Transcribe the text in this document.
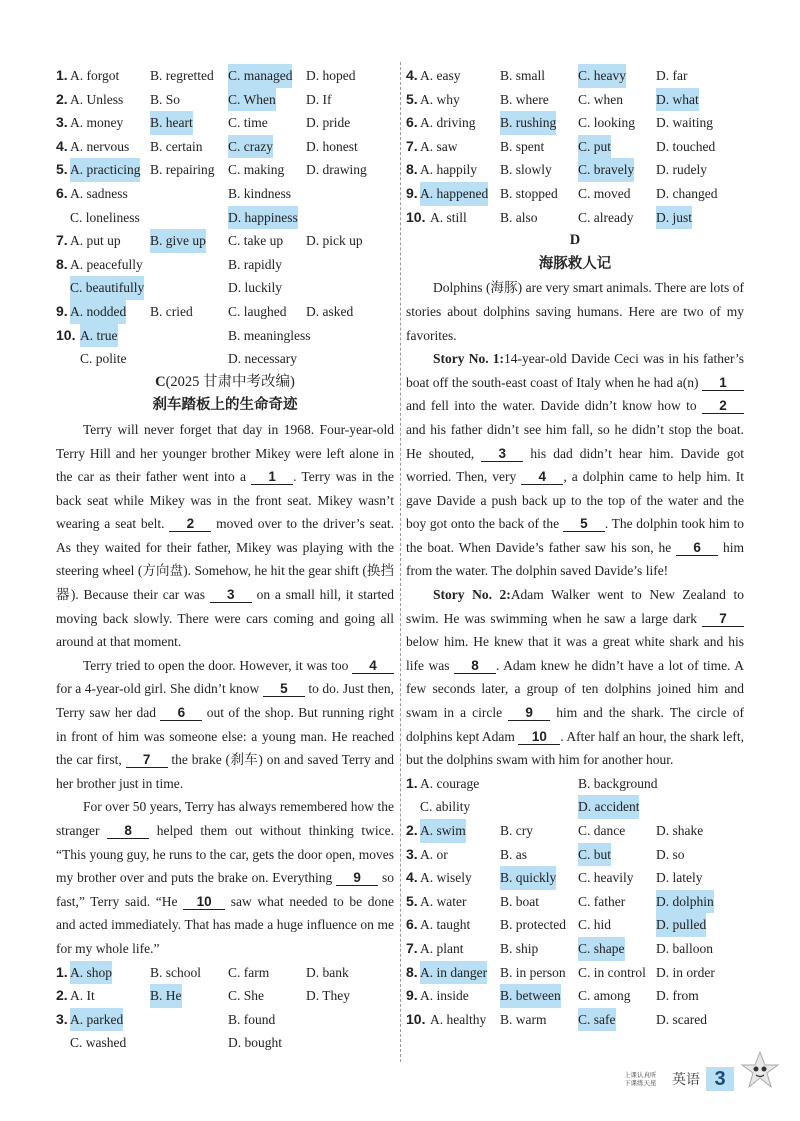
1. A. forgot B. regretted C. managed D. hoped
2. A. Unless B. So	C. When D. If
3. A. money B. heart	C. time	D. pride
4. A. nervous B. certain C. crazy D. honest
5. A. practicing B. repairing C. making D. drawing
6. A. sadness	B. kindness
C. loneliness	D. happiness
7. A. put up B. give up C. take up D. pick up
8. A. peacefully	B. rapidly
C. beautifully	D. luckily
9. A. nodded B. cried	C. laughed D. asked
10. A. true	B. meaningless
C. polite	D. necessary
C(2025 甘肃中考改编)
刹车踏板上的生命奇迹

Terry will never forget that day in 1968. Four-year-old Terry Hill and her younger brother Mikey were left alone in the car as their father went into a 1 . Terry was in the back seat while Mikey was in the front seat. Mikey wasn’t wearing a seat belt. 2 moved over to the driver’s seat. As they waited for their father, Mikey was playing with the steering wheel (方向盘). Somehow, he hit the gear shift (换挡器). Because their car was 3 on a small hill, it started moving back slowly. There were cars coming and going all around at that moment.

Terry tried to open the door. However, it was too 4 for a 4-year-old girl. She didn’t know 5 to do. Just then, Terry saw her dad 6 out of the shop. But running right in front of him was someone else: a young man. He reached the car first, 7 the brake (刹车) on and saved Terry and her brother just in time.

For over 50 years, Terry has always remembered how the stranger 8 helped them out without thinking twice. “This young guy, he runs to the car, gets the door open, moves my brother over and puts the brake on. Everything 9 so fast,” Terry said. “He 10 saw what needed to be done and acted immediately. That has made a huge influence on me for my whole life.”

1. A. shop	B. school C. farm	D. bank
2. A. It	B. He	C. She	D. They
3. A. parked	B. found
C. washed	D. bought
4. A. easy	B. small C. heavy D. far
5. A. why	B. where C. when D. what
6. A. driving B. rushing C. looking D. waiting
7. A. saw	B. spent C. put	D. touched
8. A. happily B. slowly C. bravely D. rudely
9. A. happened B. stopped C. moved D. changed
10. A. still B. also	C. already D. just
D
海豚救人记

Dolphins (海豚) are very smart animals. There are lots of stories about dolphins saving humans. Here are two of my favorites.

Story No. 1:14-year-old Davide Ceci was in his father’s boat off the south-east coast of Italy when he had a(n) 1 and fell into the water. Davide didn’t know how to 2 and his father didn’t see him fall, so he didn’t stop the boat. He shouted, 3 his dad didn’t hear him. Davide got worried. Then, very 4 , a dolphin came to help him. It gave Davide a push back up to the top of the water and the boy got onto the back of the 5 . The dolphin took him to the boat. When Davide’s father saw his son, he 6 him from the water. The dolphin saved Davide’s life!

Story No. 2:Adam Walker went to New Zealand to swim. He was swimming when he saw a large dark 7 below him. He knew that it was a great white shark and his life was 8 . Adam knew he didn’t have a lot of time. A few seconds later, a group of ten dolphins joined him and swam in a circle 9 him and the shark. The circle of dolphins kept Adam 10 . After half an hour, the shark left, but the dolphins swam with him for another hour.

1. A. courage	B. background
C. ability	D. accident
2. A. swim	B. cry	C. dance D. shake
3. A. or	B. as	C. but	D. so
4. A. wisely B. quickly C. heavily D. lately
5. A. water B. boat	C. father D. dolphin
6. A. taught B. protected C. hid	D. pulled
7. A. plant	B. ship	C. shape D. balloon
8. A. in danger B. in person C. in control D. in order
9. A. inside B. between C. among D. from
10. A. healthy B. warm C. safe	D. scared
上课认真听
下课练天星	英语 3
